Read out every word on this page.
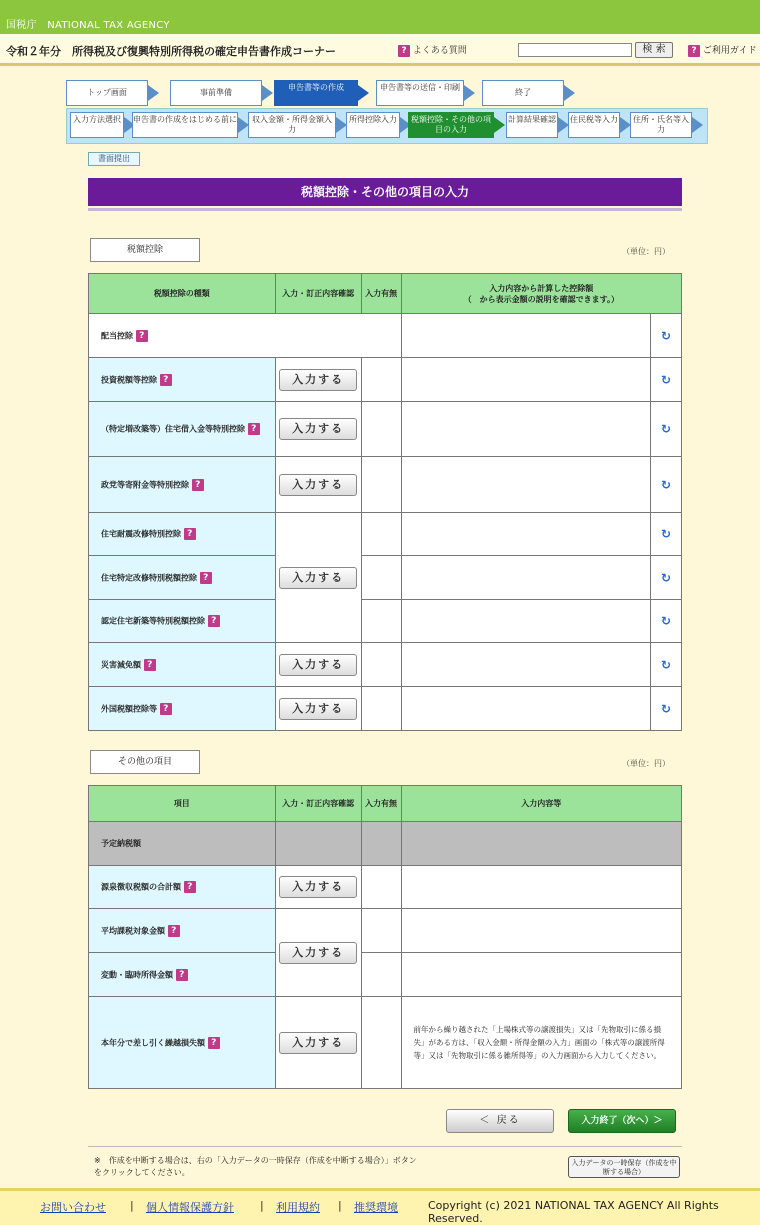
国税庁　NATIONAL TAX AGENCY
令和２年分　所得税及び復興特別所得税の確定申告書作成コーナー	? よくある質問	検 索	? ご利用ガイド
トップ画面	事前準備
申告書等の作成	申告書等の送信・印刷
終了
入力方法選択	申告書の作成をはじめる前に	収入金額・所得金額入力
所得控除入力	税額控除・その他の項目の入力
計算結果確認 住民税等入力	住所・氏名等入力
書面提出
税額控除・その他の項目の入力
税額控除	（単位：円）
税額控除の種類	入力・訂正内容確認	入力有無	入力内容から計算した控除額
（　から表示金額の説明を確認できます。）	
配当控除 ?				↻
投資税額等控除 ?	入力する			↻
（特定増改築等）住宅借入金等特別控除 ?	入力する			↻
政党等寄附金等特別控除 ?	入力する			↻
住宅耐震改修特別控除 ?	入力する			↻
住宅特定改修特別税額控除 ?				↻
認定住宅新築等特別税額控除 ?				↻
災害減免額 ?	入力する			↻
外国税額控除等 ?	入力する			↻
その他の項目	（単位：円）
項目	入力・訂正内容確認	入力有無	入力内容等
予定納税額			
源泉徴収税額の合計額 ?	入力する		
平均課税対象金額 ?	入力する		
変動・臨時所得金額 ?			
本年分で差し引く繰越損失額 ?	入力する		前年から繰り越された「上場株式等の譲渡損失」又は「先物取引に係る損失」がある方は、「収入金額・所得金額の入力」画面の「株式等の譲渡所得等」又は「先物取引に係る雑所得等」の入力画面から入力してください。
＜ 戻る	入力終了（次へ）＞
※　作成を中断する場合は、右の「入力データの一時保存（作成を中断する場合）」ボタンをクリックしてください。
入力データの一時保存（作成を中断する場合）
お問い合わせ | 個人情報保護方針 | 利用規約 | 推奨環境	Copyright (c) 2021 NATIONAL TAX AGENCY All Rights Reserved.
